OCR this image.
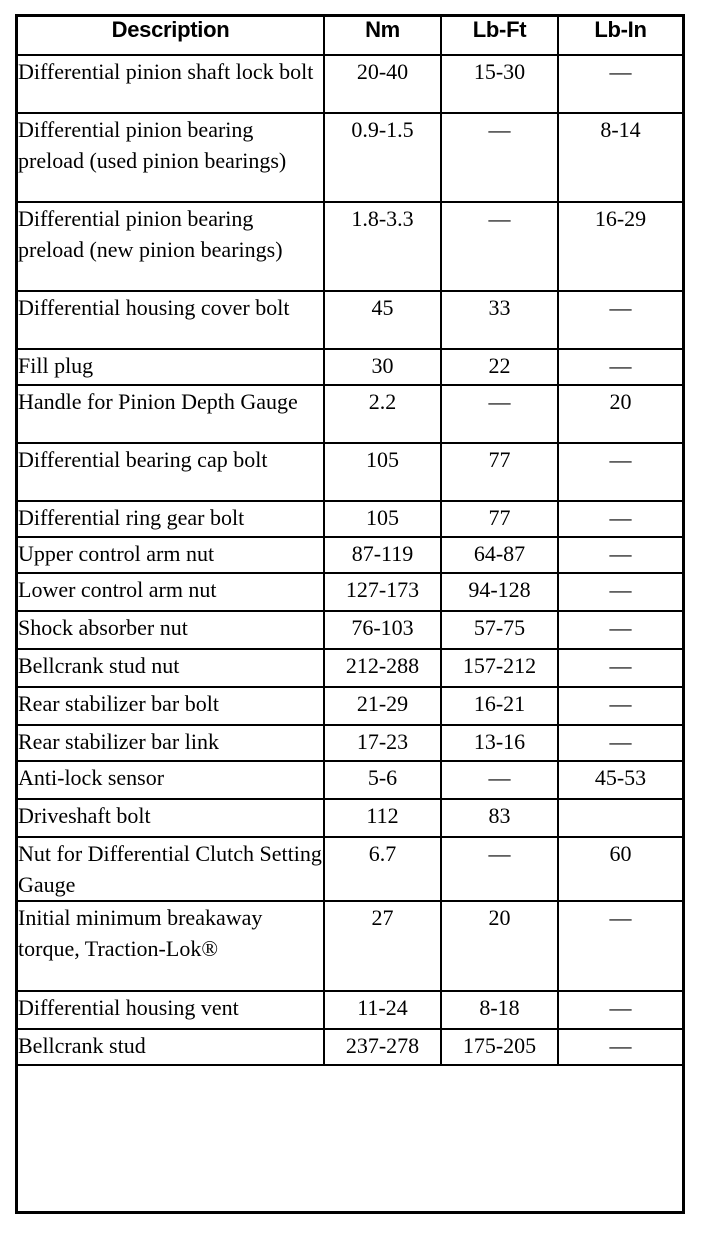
Description	Nm	Lb-Ft	Lb-In
Differential pinion shaft lock bolt	20-40	15-30	—
Differential pinion bearing preload (used pinion bearings)	0.9-1.5	—	8-14
Differential pinion bearing preload (new pinion bearings)	1.8-3.3	—	16-29
Differential housing cover bolt	45	33	—
Fill plug	30	22	—
Handle for Pinion Depth Gauge	2.2	—	20
Differential bearing cap bolt	105	77	—
Differential ring gear bolt	105	77	—
Upper control arm nut	87-119	64-87	—
Lower control arm nut	127-173	94-128	—
Shock absorber nut	76-103	57-75	—
Bellcrank stud nut	212-288	157-212	—
Rear stabilizer bar bolt	21-29	16-21	—
Rear stabilizer bar link	17-23	13-16	—
Anti-lock sensor	5-6	—	45-53
Driveshaft bolt	112	83	
Nut for Differential Clutch Setting Gauge	6.7	—	60
Initial minimum breakaway torque, Traction-Lok®	27	20	—
Differential housing vent	11-24	8-18	—
Bellcrank stud	237-278	175-205	—
